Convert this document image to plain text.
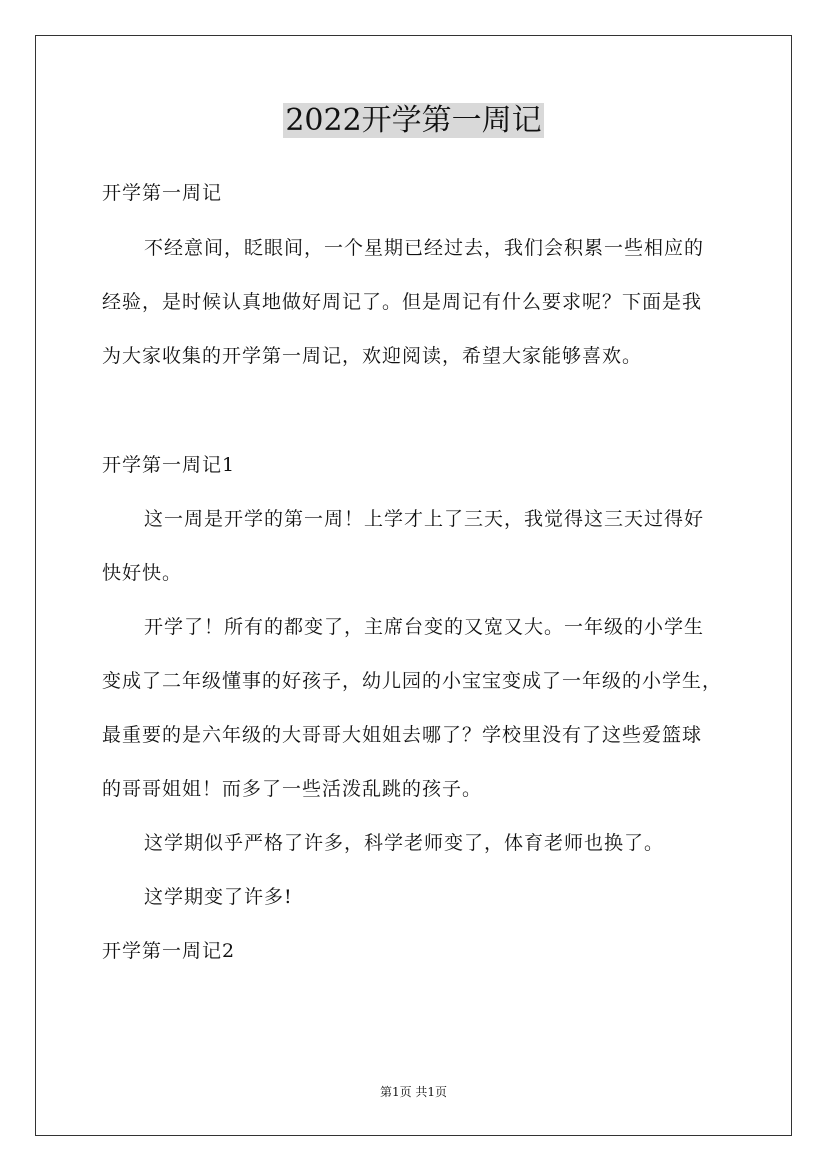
2022开学第一周记
开学第一周记
不经意间，眨眼间，一个星期已经过去，我们会积累一些相应的
经验，是时候认真地做好周记了。但是周记有什么要求呢？下面是我
为大家收集的开学第一周记，欢迎阅读，希望大家能够喜欢。
开学第一周记1
这一周是开学的第一周！上学才上了三天，我觉得这三天过得好
快好快。
开学了！所有的都变了，主席台变的又宽又大。一年级的小学生
变成了二年级懂事的好孩子，幼儿园的小宝宝变成了一年级的小学生，
最重要的是六年级的大哥哥大姐姐去哪了？学校里没有了这些爱篮球
的哥哥姐姐！而多了一些活泼乱跳的孩子。
这学期似乎严格了许多，科学老师变了，体育老师也换了。
这学期变了许多!
开学第一周记2
第1页 共1页
